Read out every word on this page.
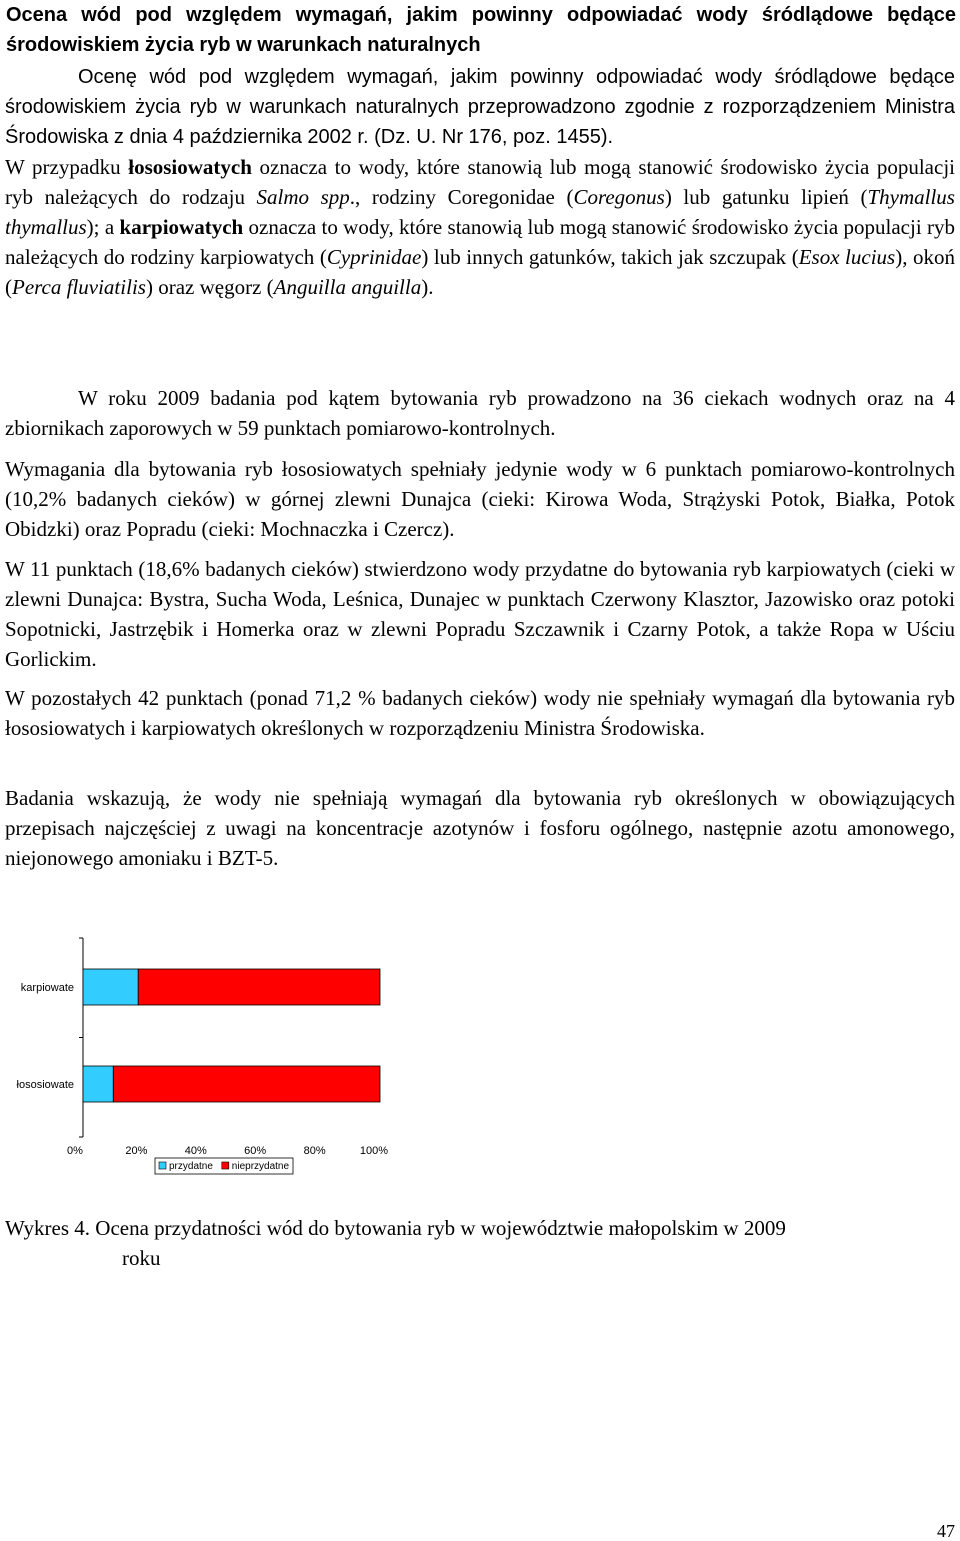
Ocena wód pod względem wymagań, jakim powinny odpowiadać wody śródlądowe będące środowiskiem życia ryb w warunkach naturalnych

Ocenę wód pod względem wymagań, jakim powinny odpowiadać wody śródlądowe będące środowiskiem życia ryb w warunkach naturalnych przeprowadzono zgodnie z rozporządzeniem Ministra Środowiska z dnia 4 października 2002 r. (Dz. U. Nr 176, poz. 1455).
W przypadku łososiowatych oznacza to wody, które stanowią lub mogą stanowić środowisko życia populacji ryb należących do rodzaju Salmo spp., rodziny Coregonidae (Coregonus) lub gatunku lipień (Thymallus thymallus); a karpiowatych oznacza to wody, które stanowią lub mogą stanowić środowisko życia populacji ryb należących do rodziny karpiowatych (Cyprinidae) lub innych gatunków, takich jak szczupak (Esox lucius), okoń (Perca fluviatilis) oraz węgorz (Anguilla anguilla).

W roku 2009 badania pod kątem bytowania ryb prowadzono na 36 ciekach wodnych oraz na 4 zbiornikach zaporowych w 59 punktach pomiarowo-kontrolnych.

Wymagania dla bytowania ryb łososiowatych spełniały jedynie wody w 6 punktach pomiarowo-kontrolnych (10,2% badanych cieków) w górnej zlewni Dunajca (cieki: Kirowa Woda, Strążyski Potok, Białka, Potok Obidzki) oraz Popradu (cieki: Mochnaczka i Czercz).

W 11 punktach (18,6% badanych cieków) stwierdzono wody przydatne do bytowania ryb karpiowatych (cieki w zlewni Dunajca: Bystra, Sucha Woda, Leśnica, Dunajec w punktach Czerwony Klasztor, Jazowisko oraz potoki Sopotnicki, Jastrzębik i Homerka oraz w zlewni Popradu Szczawnik i Czarny Potok, a także Ropa w Uściu Gorlickim.

W pozostałych 42 punktach (ponad 71,2 % badanych cieków) wody nie spełniały wymagań dla bytowania ryb łososiowatych i karpiowatych określonych w rozporządzeniu Ministra Środowiska.

Badania wskazują, że wody nie spełniają wymagań dla bytowania ryb określonych w obowiązujących przepisach najczęściej z uwagi na koncentracje azotynów i fosforu ogólnego, następnie azotu amonowego, niejonowego amoniaku i BZT-5.

karpiowate
łososiowate
0%	20%	40%	60%	80%	100%
przydatne nieprzydatne

Wykres 4. Ocena przydatności wód do bytowania ryb w województwie małopolskim w 2009
roku

47
